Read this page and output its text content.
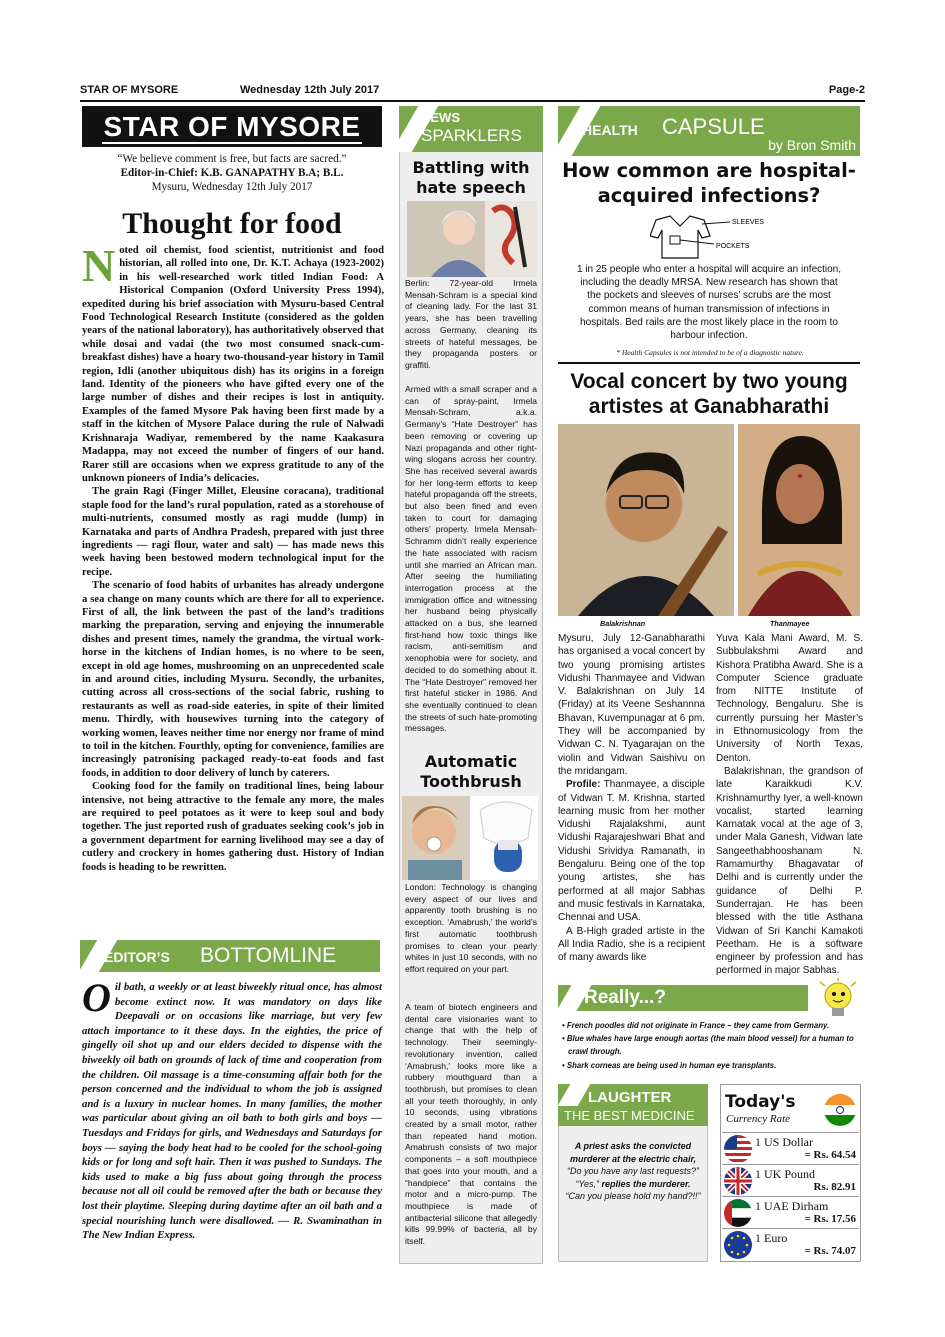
STAR OF MYSORE	Wednesday 12th July 2017	Page-2
STAR OF MYSORE
“We believe comment is free, but facts are sacred.”
Editor-in-Chief: K.B. GANAPATHY B.A; B.L.
Mysuru, Wednesday 12th July 2017
Thought for food

Noted oil chemist, food scientist, nutritionist and food historian, all rolled into one, Dr. K.T. Achaya (1923-2002) in his well-researched work titled Indian Food: A Historical Companion (Oxford University Press 1994), expedited during his brief association with Mysuru-based Central Food Technological Research Institute (considered as the golden years of the national laboratory), has authoritatively observed that while dosai and vadai (the two most consumed snack-cum-breakfast dishes) have a hoary two-thousand-year history in Tamil region, Idli (another ubiquitous dish) has its origins in a foreign land. Identity of the pioneers who have gifted every one of the large number of dishes and their recipes is lost in antiquity. Examples of the famed Mysore Pak having been first made by a staff in the kitchen of Mysore Palace during the rule of Nalwadi Krishnaraja Wadiyar, remembered by the name Kaakasura Madappa, may not exceed the number of fingers of our hand. Rarer still are occasions when we express gratitude to any of the unknown pioneers of India’s delicacies.

The grain Ragi (Finger Millet, Eleusine coracana), traditional staple food for the land’s rural population, rated as a storehouse of multi-nutrients, consumed mostly as ragi mudde (lump) in Karnataka and parts of Andhra Pradesh, prepared with just three ingredients — ragi flour, water and salt) — has made news this week having been bestowed modern technological input for the recipe.

The scenario of food habits of urbanites has already undergone a sea change on many counts which are there for all to experience. First of all, the link between the past of the land’s traditions marking the preparation, serving and enjoying the innumerable dishes and present times, namely the grandma, the virtual work-horse in the kitchens of Indian homes, is no where to be seen, except in old age homes, mushrooming on an unprecedented scale in and around cities, including Mysuru. Secondly, the urbanites, cutting across all cross-sections of the social fabric, rushing to restaurants as well as road-side eateries, in spite of their limited menu. Thirdly, with housewives turning into the category of working women, leaves neither time nor energy nor frame of mind to toil in the kitchen. Fourthly, opting for convenience, families are increasingly patronising packaged ready-to-eat foods and fast foods, in addition to door delivery of lunch by caterers.

Cooking food for the family on traditional lines, being labour intensive, not being attractive to the female any more, the males are required to peel potatoes as it were to keep soul and body together. The just reported rush of graduates seeking cook’s job in a government department for earning livelihood may see a day of cutlery and crockery in homes gathering dust. History of Indian foods is heading to be rewritten.

EDITOR’S BOTTOMLINE
Oil bath, a weekly or at least biweekly ritual once, has almost become extinct now. It was mandatory on days like Deepavali or on occasions like marriage, but very few attach importance to it these days. In the eighties, the price of gingelly oil shot up and our elders decided to dispense with the biweekly oil bath on grounds of lack of time and cooperation from the children. Oil massage is a time-consuming affair both for the person concerned and the individual to whom the job is assigned and is a luxury in nuclear homes. In many families, the mother was particular about giving an oil bath to both girls and boys — Tuesdays and Fridays for girls, and Wednesdays and Saturdays for boys — saying the body heat had to be cooled for the school-going kids or for long and soft hair. Then it was pushed to Sundays. The kids used to make a big fuss about going through the process because not all oil could be removed after the bath or because they lost their playtime. Sleeping during daytime after an oil bath and a special nourishing lunch were disallowed. — R. Swaminathan in The New Indian Express.
NEWS
SPARKLERS
Battling with hate speech
Berlin: 72-year-old Irmela Mensah-Schram is a special kind of cleaning lady. For the last 31 years, she has been travelling across Germany, cleaning its streets of hateful messages, be they propaganda posters or graffiti.
Armed with a small scraper and a can of spray-paint, Irmela Mensah-Schram, a.k.a. Germany’s “Hate Destroyer” has been removing or covering up Nazi propaganda and other right-wing slogans across her country. She has received several awards for her long-term efforts to keep hateful propaganda off the streets, but also been fined and even taken to court for damaging others’ property. Irmela Mensah-Schramm didn’t really experience the hate associated with racism until she married an African man. After seeing the humiliating interrogation process at the immigration office and witnessing her husband being physically attacked on a bus, she learned first-hand how toxic things like racism, anti-semitism and xenophobia were for society, and decided to do something about it. The “Hate Destroyer” removed her first hateful sticker in 1986. And she eventually continued to clean the streets of such hate-promoting messages.
Automatic Toothbrush
London: Technology is changing every aspect of our lives and apparently tooth brushing is no exception. ‘Amabrush,’ the world’s first automatic toothbrush promises to clean your pearly whites in just 10 seconds, with no effort required on your part.
A team of biotech engineers and dental care visionaries want to change that with the help of technology. Their seemingly-revolutionary invention, called ‘Amabrush,’ looks more like a rubbery mouthguard than a toothbrush, but promises to clean all your teeth thoroughly, in only 10 seconds, using vibrations created by a small motor, rather than repeated hand motion. Amabrush consists of two major components – a soft mouthpiece that goes into your mouth, and a “handpiece” that contains the motor and a micro-pump. The mouthpiece is made of antibacterial silicone that allegedly kills 99.99% of bacteria, all by itself.
HEALTH CAPSULE
by Bron Smith
How common are hospital-acquired infections?
SLEEVES
POCKETS
1 in 25 people who enter a hospital will acquire an infection, including the deadly MRSA. New research has shown that the pockets and sleeves of nurses’ scrubs are the most common means of human transmission of infections in hospitals. Bed rails are the most likely place in the room to harbour infection.
* Health Capsules is not intended to be of a diagnostic nature.
Vocal concert by two young artistes at Ganabharathi
Balakrishnan	Thanmayee

Mysuru, July 12-Ganabharathi has organised a vocal concert by two young promising artistes Vidushi Thanmayee and Vidwan V. Balakrishnan on July 14 (Friday) at its Veene Seshannna Bhavan, Kuvempunagar at 6 pm. They will be accompanied by Vidwan C. N. Tyagarajan on the violin and Vidwan Saishivu on the mridangam.

Profile: Thanmayee, a disciple of Vidwan T. M. Krishna, started learning music from her mother Vidushi Rajalakshmi, aunt Vidushi Rajarajeshwari Bhat and Vidushi Srividya Ramanath, in Bengaluru. Being one of the top young artistes, she has performed at all major Sabhas and music festivals in Karnataka, Chennai and USA.

A B-High graded artiste in the All India Radio, she is a recipient of many awards like

Yuva Kala Mani Award, M. S. Subbulakshmi Award and Kishora Pratibha Award. She is a Computer Science graduate from NITTE Institute of Technology, Bengaluru. She is currently pursuing her Master’s in Ethnomusicology from the University of North Texas, Denton.

Balakrishnan, the grandson of late Karaikkudi K.V. Krishnamurthy Iyer, a well-known vocalist, started learning Karnatak vocal at the age of 3, under Mala Ganesh, Vidwan late Sangeethabhooshanam N. Ramamurthy Bhagavatar of Delhi and is currently under the guidance of Delhi P. Sunderrajan. He has been blessed with the title Asthana Vidwan of Sri Kanchi Kamakoti Peetham. He is a software engineer by profession and has performed in major Sabhas.

Really...?
• French poodles did not originate in France – they came from Germany.
• Blue whales have large enough aortas (the main blood vessel) for a human to crawl through.
• Shark corneas are being used in human eye transplants.
LAUGHTER
THE BEST MEDICINE

A priest asks the convicted murderer at the electric chair, “Do you have any last requests?”

“Yes,” replies the murderer.

“Can you please hold my hand?!!”

Today's
Currency Rate
1 US Dollar
= Rs. 64.54
1 UK Pound
Rs. 82.91
1 UAE Dirham
= Rs. 17.56
1 Euro
= Rs. 74.07
